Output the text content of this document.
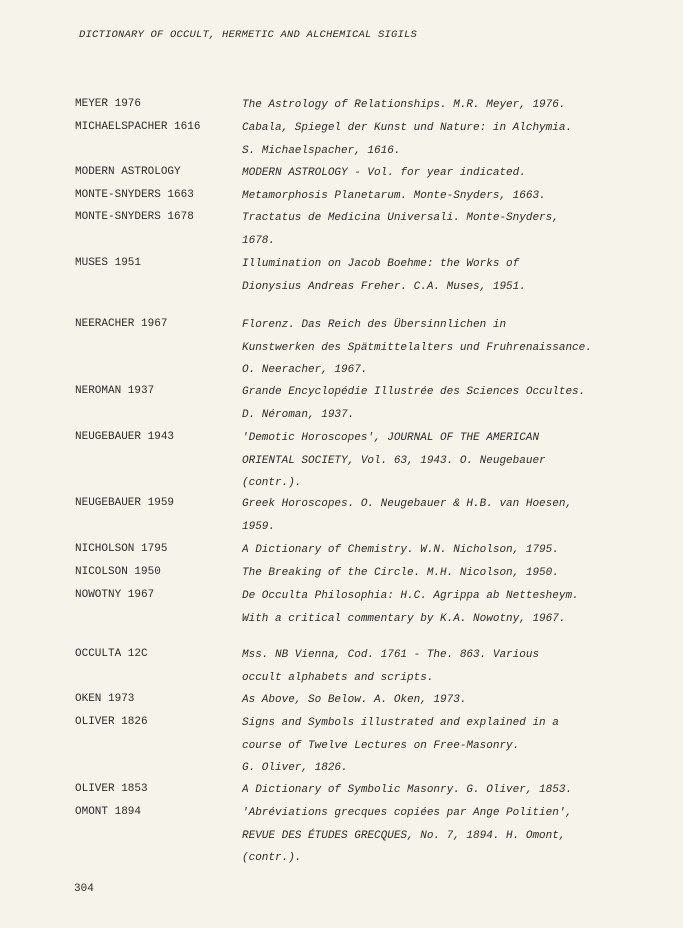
DICTIONARY OF OCCULT, HERMETIC AND ALCHEMICAL SIGILS
MEYER 1976	The Astrology of Relationships. M.R. Meyer, 1976.
MICHAELSPACHER 1616	Cabala, Spiegel der Kunst und Nature: in Alchymia.
S. Michaelspacher, 1616.
MODERN ASTROLOGY	MODERN ASTROLOGY - Vol. for year indicated.
MONTE-SNYDERS 1663	Metamorphosis Planetarum. Monte-Snyders, 1663.
MONTE-SNYDERS 1678	Tractatus de Medicina Universali. Monte-Snyders,
1678.
MUSES 1951	Illumination on Jacob Boehme: the Works of
Dionysius Andreas Freher. C.A. Muses, 1951.
NEERACHER 1967	Florenz. Das Reich des Übersinnlichen in
Kunstwerken des Spätmittelalters und Fruhrenaissance.
O. Neeracher, 1967.
NEROMAN 1937	Grande Encyclopédie Illustrée des Sciences Occultes.
D. Néroman, 1937.
NEUGEBAUER 1943	'Demotic Horoscopes', JOURNAL OF THE AMERICAN
ORIENTAL SOCIETY, Vol. 63, 1943. O. Neugebauer
(contr.).
NEUGEBAUER 1959	Greek Horoscopes. O. Neugebauer & H.B. van Hoesen,
1959.
NICHOLSON 1795	A Dictionary of Chemistry. W.N. Nicholson, 1795.
NICOLSON 1950	The Breaking of the Circle. M.H. Nicolson, 1950.
NOWOTNY 1967	De Occulta Philosophia: H.C. Agrippa ab Nettesheym.
With a critical commentary by K.A. Nowotny, 1967.
OCCULTA 12C	Mss. NB Vienna, Cod. 1761 - The. 863. Various
occult alphabets and scripts.
OKEN 1973	As Above, So Below. A. Oken, 1973.
OLIVER 1826	Signs and Symbols illustrated and explained in a
course of Twelve Lectures on Free-Masonry.
G. Oliver, 1826.
OLIVER 1853	A Dictionary of Symbolic Masonry. G. Oliver, 1853.
OMONT 1894	'Abréviations grecques copiées par Ange Politien',
REVUE DES ÉTUDES GRECQUES, No. 7, 1894. H. Omont,
(contr.).
304
